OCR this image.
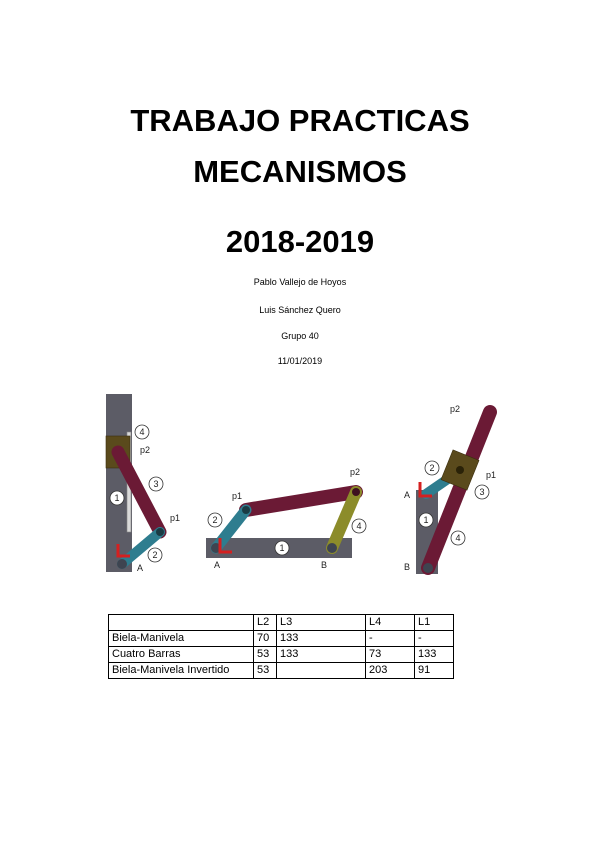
TRABAJO PRACTICAS
MECANISMOS
2018-2019
Pablo Vallejo de Hoyos
Luis Sánchez Quero
Grupo 40
11/01/2019
4
p2
3
1
p1
2
A
p1
p2
2
4
1
A	B
p2
2
p1
A	3
1
4
B
	L2	L3	L4	L1
Biela-Manivela	70	133	-	-
Cuatro Barras	53	133	73	133
Biela-Manivela Invertido	53		203	91
